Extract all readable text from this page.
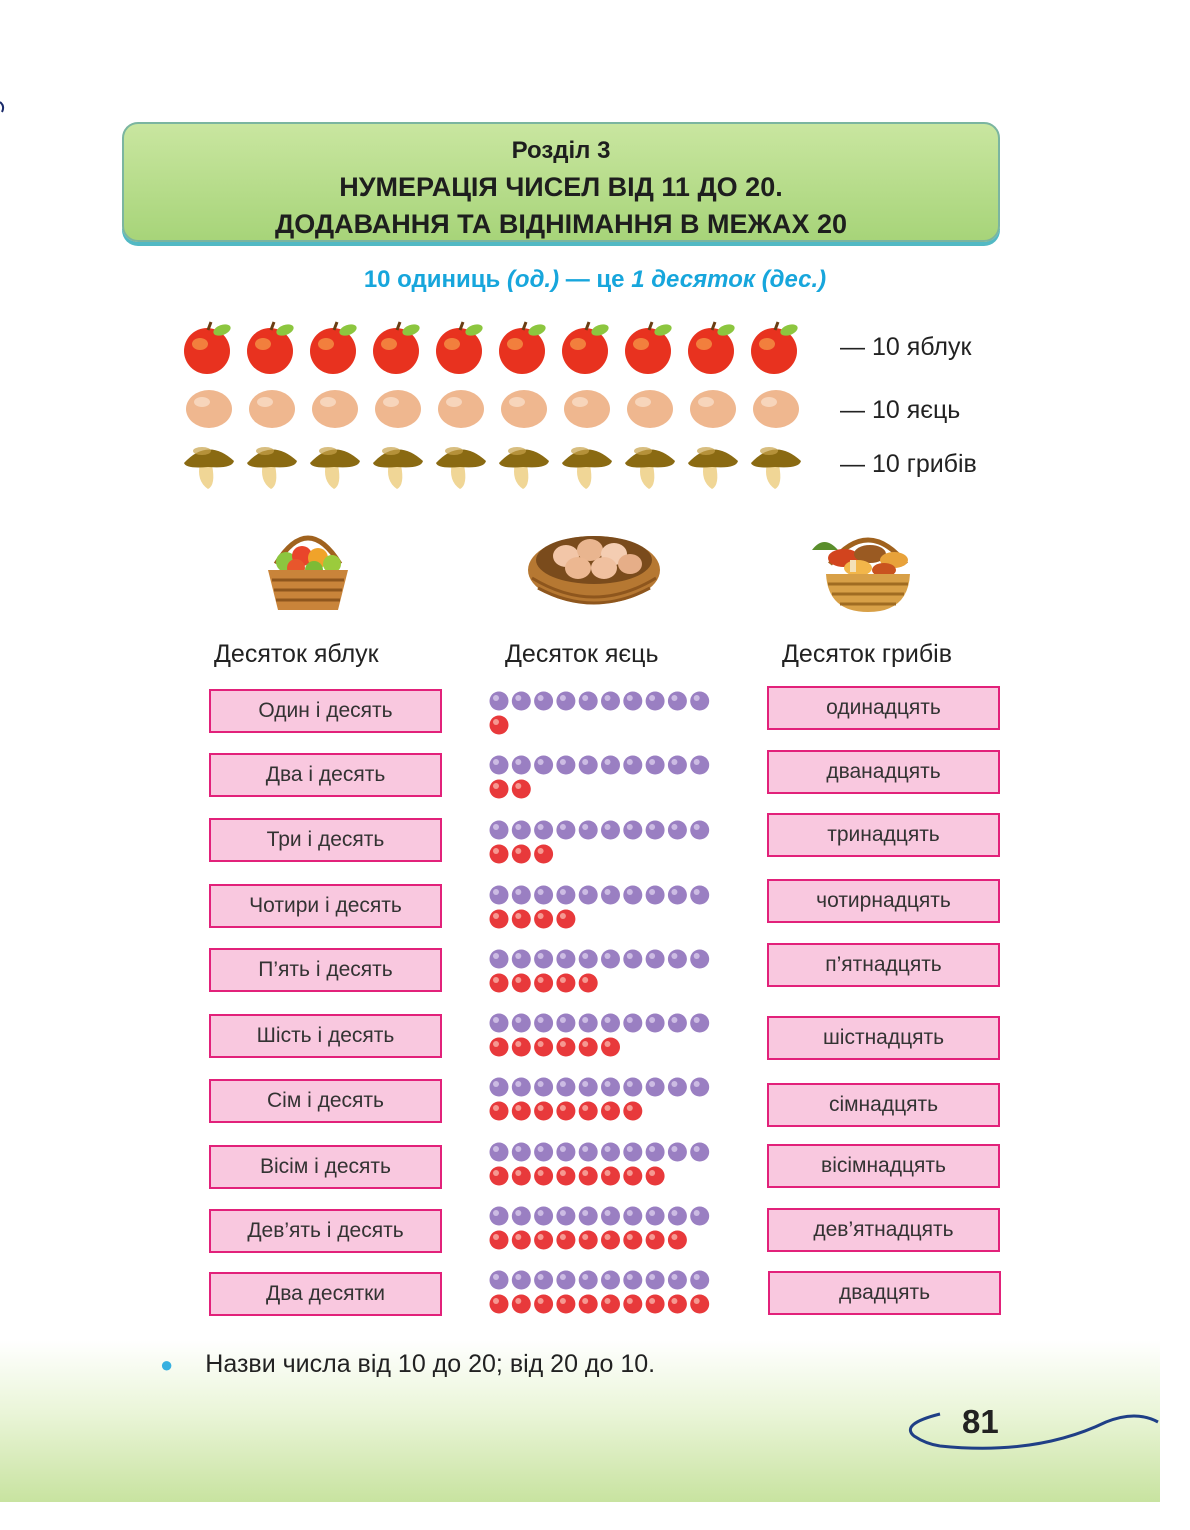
Розділ 3
НУМЕРАЦІЯ ЧИСЕЛ ВІД 11 ДО 20.
ДОДАВАННЯ ТА ВІДНІМАННЯ В МЕЖАХ 20
10 одиниць (од.) — це 1 десяток (дес.)
— 10 яблук
— 10 яєць
— 10 грибів
Десяток яблук	Десяток яєць	Десяток грибів
Один і десять	одинадцять
Два і десять	дванадцять
Три і десять	тринадцять
Чотири і десять	чотирнадцять
П’ять і десять	п’ятнадцять
Шість і десять	шістнадцять
Сім і десять	сімнадцять
Вісім і десять	вісімнадцять
Дев’ять і десять	дев’ятнадцять
Два десятки	двадцять
● Назви числа від 10 до 20; від 20 до 10.
81
